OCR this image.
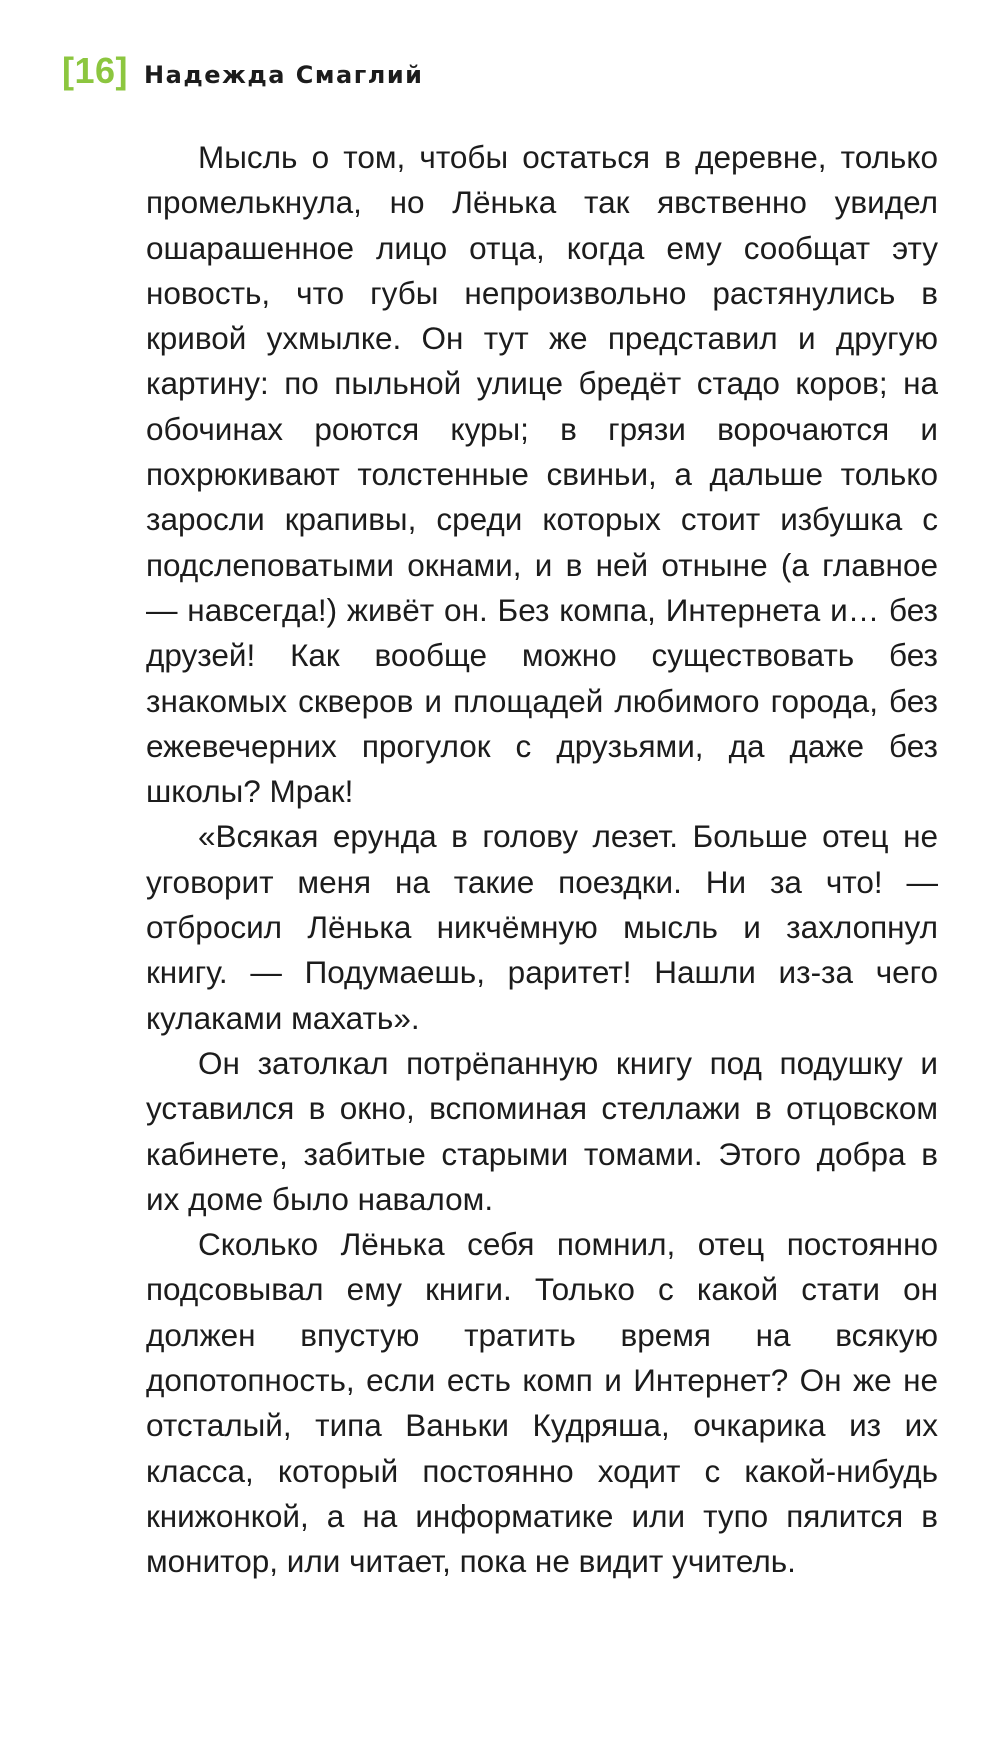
[16] Надежда Смаглий

Мысль о том, чтобы остаться в деревне, только промелькнула, но Лёнька так явственно увидел ошарашенное лицо отца, когда ему сообщат эту новость, что губы непроизвольно растянулись в кривой ухмылке. Он тут же представил и другую картину: по пыльной улице бредёт стадо коров; на обочинах роются куры; в грязи ворочаются и похрюкивают толстенные свиньи, а дальше только заросли крапивы, среди которых стоит избушка с подслеповатыми окнами, и в ней отныне (а главное — навсегда!) живёт он. Без компа, Интернета и… без друзей! Как вообще можно существовать без знакомых скверов и площадей любимого города, без ежевечерних прогулок с друзьями, да даже без школы? Мрак!

«Всякая ерунда в голову лезет. Больше отец не уговорит меня на такие поездки. Ни за что! — отбросил Лёнька никчёмную мысль и захлопнул книгу. — Подумаешь, раритет! Нашли из-за чего кулаками махать».

Он затолкал потрёпанную книгу под подушку и уставился в окно, вспоминая стеллажи в отцовском кабинете, забитые старыми томами. Этого добра в их доме было навалом.

Сколько Лёнька себя помнил, отец постоянно подсовывал ему книги. Только с какой стати он должен впустую тратить время на всякую допотопность, если есть комп и Интернет? Он же не отсталый, типа Ваньки Кудряша, очкарика из их класса, который постоянно ходит с какой-нибудь книжонкой, а на информатике или тупо пялится в монитор, или читает, пока не видит учитель.
